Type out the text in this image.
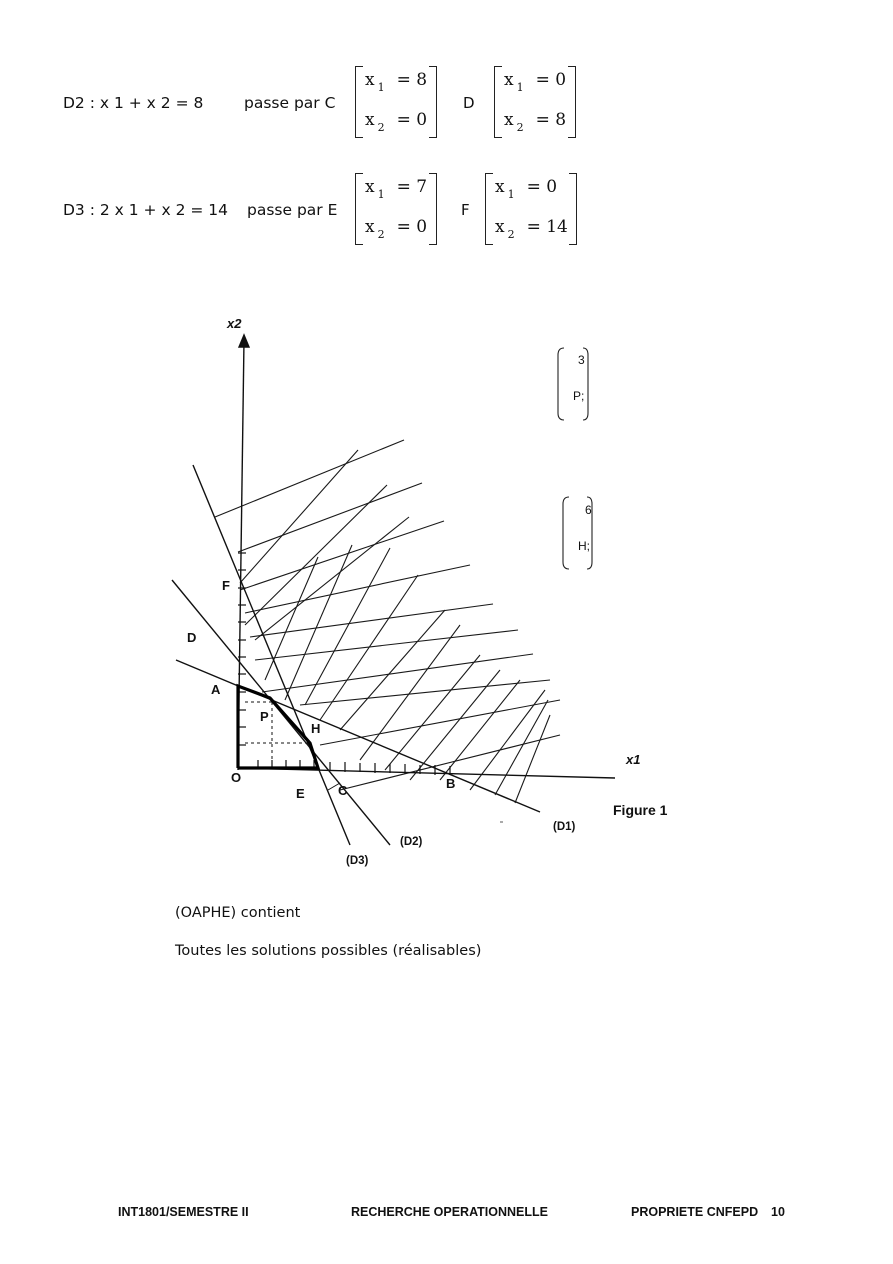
D2 : x 1 + x 2 = 8	passe par C
x $_1$ = 8
x $_2$ = 0
D
x $_1$ = 0
x $_2$ = 8
D3 : 2 x 1 + x 2 = 14 passe par E
x $_1$ = 7
x $_2$ = 0
F
x $_1$ = 0
x $_2$ = 14
x2
x1
F
D
A
P
H
O
E	C	B
(D1)
(D2)
(D3)
Figure 1
3
P;
6
H;
(OAPHE) contient
Toutes les solutions possibles (réalisables)
INT1801/SEMESTRE II	RECHERCHE OPERATIONNELLE	PROPRIETE CNFEPD 10
